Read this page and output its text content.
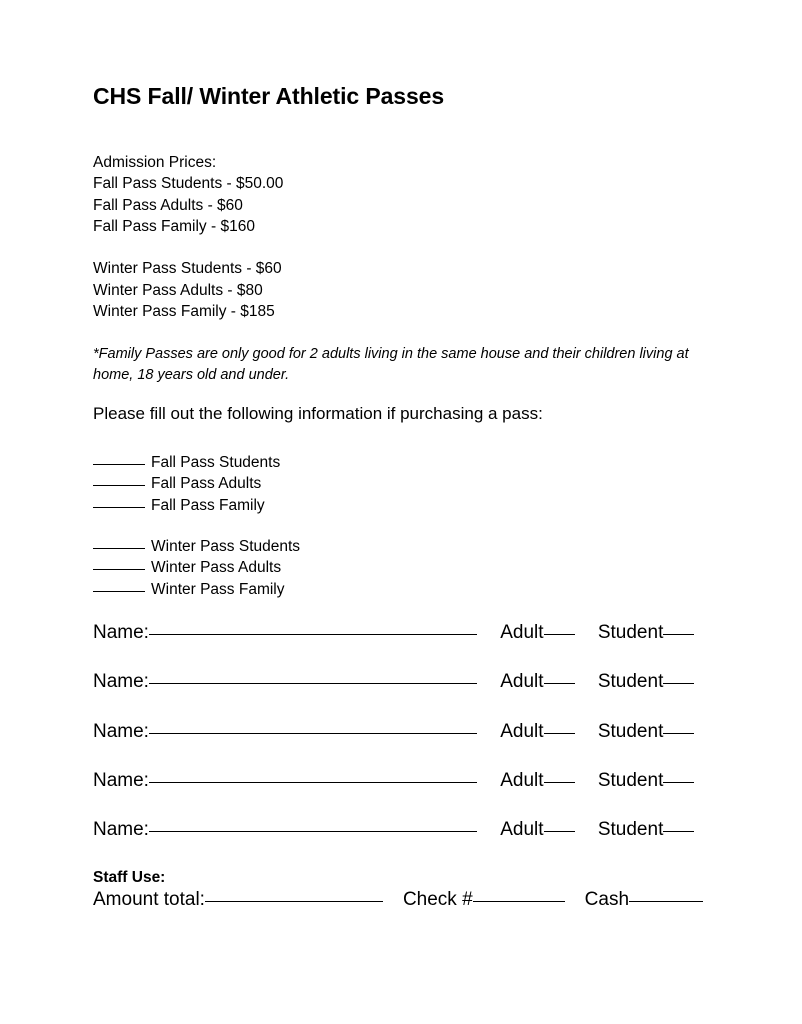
CHS Fall/ Winter Athletic Passes
Admission Prices:
Fall Pass Students - $50.00
Fall Pass Adults - $60
Fall Pass Family - $160
Winter Pass Students - $60
Winter Pass Adults - $80
Winter Pass Family - $185
*Family Passes are only good for 2 adults living in the same house and their children living at home, 18 years old and under.
Please fill out the following information if purchasing a pass:
Fall Pass Students
Fall Pass Adults
Fall Pass Family
Winter Pass Students
Winter Pass Adults
Winter Pass Family
Name:	Adult	Student
Name:	Adult	Student
Name:	Adult	Student
Name:	Adult	Student
Name:	Adult	Student
Staff Use:
Amount total:	Check #	Cash
